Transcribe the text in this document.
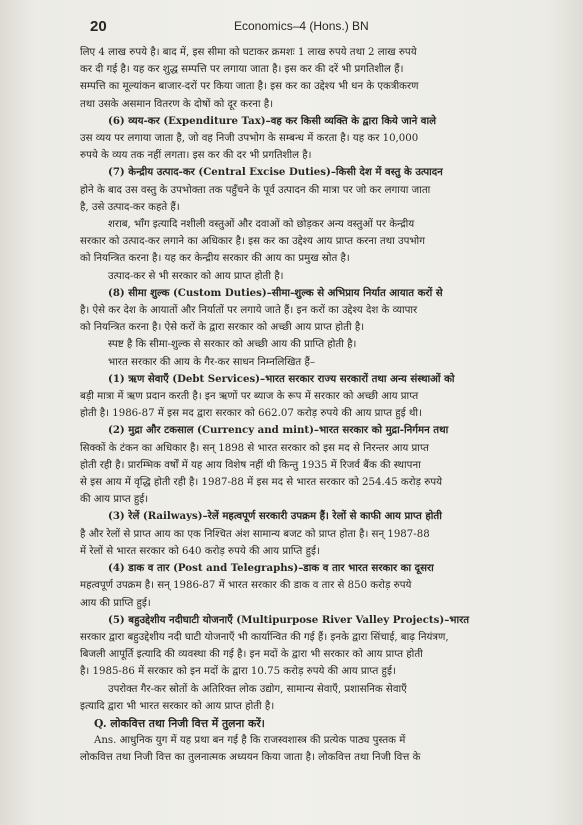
20	Economics–4 (Hons.) BN
लिए 4 लाख रुपये है। बाद में, इस सीमा को घटाकर क्रमशः 1 लाख रुपये तथा 2 लाख रुपये
कर दी गई है। यह कर शुद्ध सम्पत्ति पर लगाया जाता है। इस कर की दरें भी प्रगतिशील हैं।
सम्पत्ति का मूल्यांकन बाजार-दरों पर किया जाता है। इस कर का उद्देश्य भी धन के एकत्रीकरण
तथा उसके असमान वितरण के दोषों को दूर करना है।
(6) व्यय-कर (Expenditure Tax)–वह कर किसी व्यक्ति के द्वारा किये जाने वाले
उस व्यय पर लगाया जाता है, जो वह निजी उपभोग के सम्बन्ध में करता है। यह कर 10,000
रुपये के व्यय तक नहीं लगता। इस कर की दर भी प्रगतिशील है।
(7) केन्द्रीय उत्पाद-कर (Central Excise Duties)–किसी देश में वस्तु के उत्पादन
होने के बाद उस वस्तु के उपभोक्ता तक पहुँचने के पूर्व उत्पादन की मात्रा पर जो कर लगाया जाता
है, उसे उत्पाद-कर कहते हैं।
शराब, भाँग इत्यादि नशीली वस्तुओं और दवाओं को छोड़कर अन्य वस्तुओं पर केन्द्रीय
सरकार को उत्पाद-कर लगाने का अधिकार है। इस कर का उद्देश्य आय प्राप्त करना तथा उपभोग
को नियन्त्रित करना है। यह कर केन्द्रीय सरकार की आय का प्रमुख स्रोत है।
उत्पाद-कर से भी सरकार को आय प्राप्त होती है।
(8) सीमा शुल्क (Custom Duties)–सीमा-शुल्क से अभिप्राय निर्यात आयात करों से
है। ऐसे कर देश के आयातों और निर्यातों पर लगाये जाते हैं। इन करों का उद्देश्य देश के व्यापार
को नियन्त्रित करना है। ऐसे करों के द्वारा सरकार को अच्छी आय प्राप्त होती है।
स्पष्ट है कि सीमा-शुल्क से सरकार को अच्छी आय की प्राप्ति होती है।
भारत सरकार की आय के गैर-कर साधन निम्नलिखित हैं–
(1) ऋण सेवाएँ (Debt Services)–भारत सरकार राज्य सरकारों तथा अन्य संस्थाओं को
बड़ी मात्रा में ऋण प्रदान करती है। इन ऋणों पर ब्याज के रूप में सरकार को अच्छी आय प्राप्त
होती है। 1986-87 में इस मद द्वारा सरकार को 662.07 करोड़ रुपये की आय प्राप्त हुई थी।
(2) मुद्रा और टकसाल (Currency and mint)–भारत सरकार को मुद्रा-निर्गमन तथा
सिक्कों के टंकन का अधिकार है। सन् 1898 से भारत सरकार को इस मद से निरन्तर आय प्राप्त
होती रही है। प्रारम्भिक वर्षों में यह आय विशेष नहीं थी किन्तु 1935 में रिजर्व बैंक की स्थापना
से इस आय में वृद्धि होती रही है। 1987-88 में इस मद से भारत सरकार को 254.45 करोड़ रुपये
की आय प्राप्त हुई।
(3) रेलें (Railways)–रेलें महत्वपूर्ण सरकारी उपक्रम हैं। रेलों से काफी आय प्राप्त होती
है और रेलों से प्राप्त आय का एक निश्चित अंश सामान्य बजट को प्राप्त होता है। सन् 1987-88
में रेलों से भारत सरकार को 640 करोड़ रुपये की आय प्राप्ति हुई।
(4) डाक व तार (Post and Telegraphs)–डाक व तार भारत सरकार का दूसरा
महत्वपूर्ण उपक्रम है। सन् 1986-87 में भारत सरकार की डाक व तार से 850 करोड़ रुपये
आय की प्राप्ति हुई।
(5) बहुउद्देशीय नदीघाटी योजनाएँ (Multipurpose River Valley Projects)–भारत
सरकार द्वारा बहुउद्देशीय नदी घाटी योजनाएँ भी कार्यान्वित की गई हैं। इनके द्वारा सिंचाई, बाढ़ नियंत्रण,
बिजली आपूर्ति इत्यादि की व्यवस्था की गई है। इन मदों के द्वारा भी सरकार को आय प्राप्त होती
है। 1985-86 में सरकार को इन मदों के द्वारा 10.75 करोड़ रुपये की आय प्राप्त हुई।
उपरोक्त गैर-कर स्रोतों के अतिरिक्त लोक उद्योग, सामान्य सेवाएँ, प्रशासनिक सेवाएँ
इत्यादि द्वारा भी भारत सरकार को आय प्राप्त होती है।
Q. लोकवित्त तथा निजी वित्त में तुलना करें।
Ans. आधुनिक युग में यह प्रथा बन गई है कि राजस्वशास्त्र की प्रत्येक पाठ्य पुस्तक में
लोकवित्त तथा निजी वित्त का तुलनात्मक अध्ययन किया जाता है। लोकवित्त तथा निजी वित्त के
